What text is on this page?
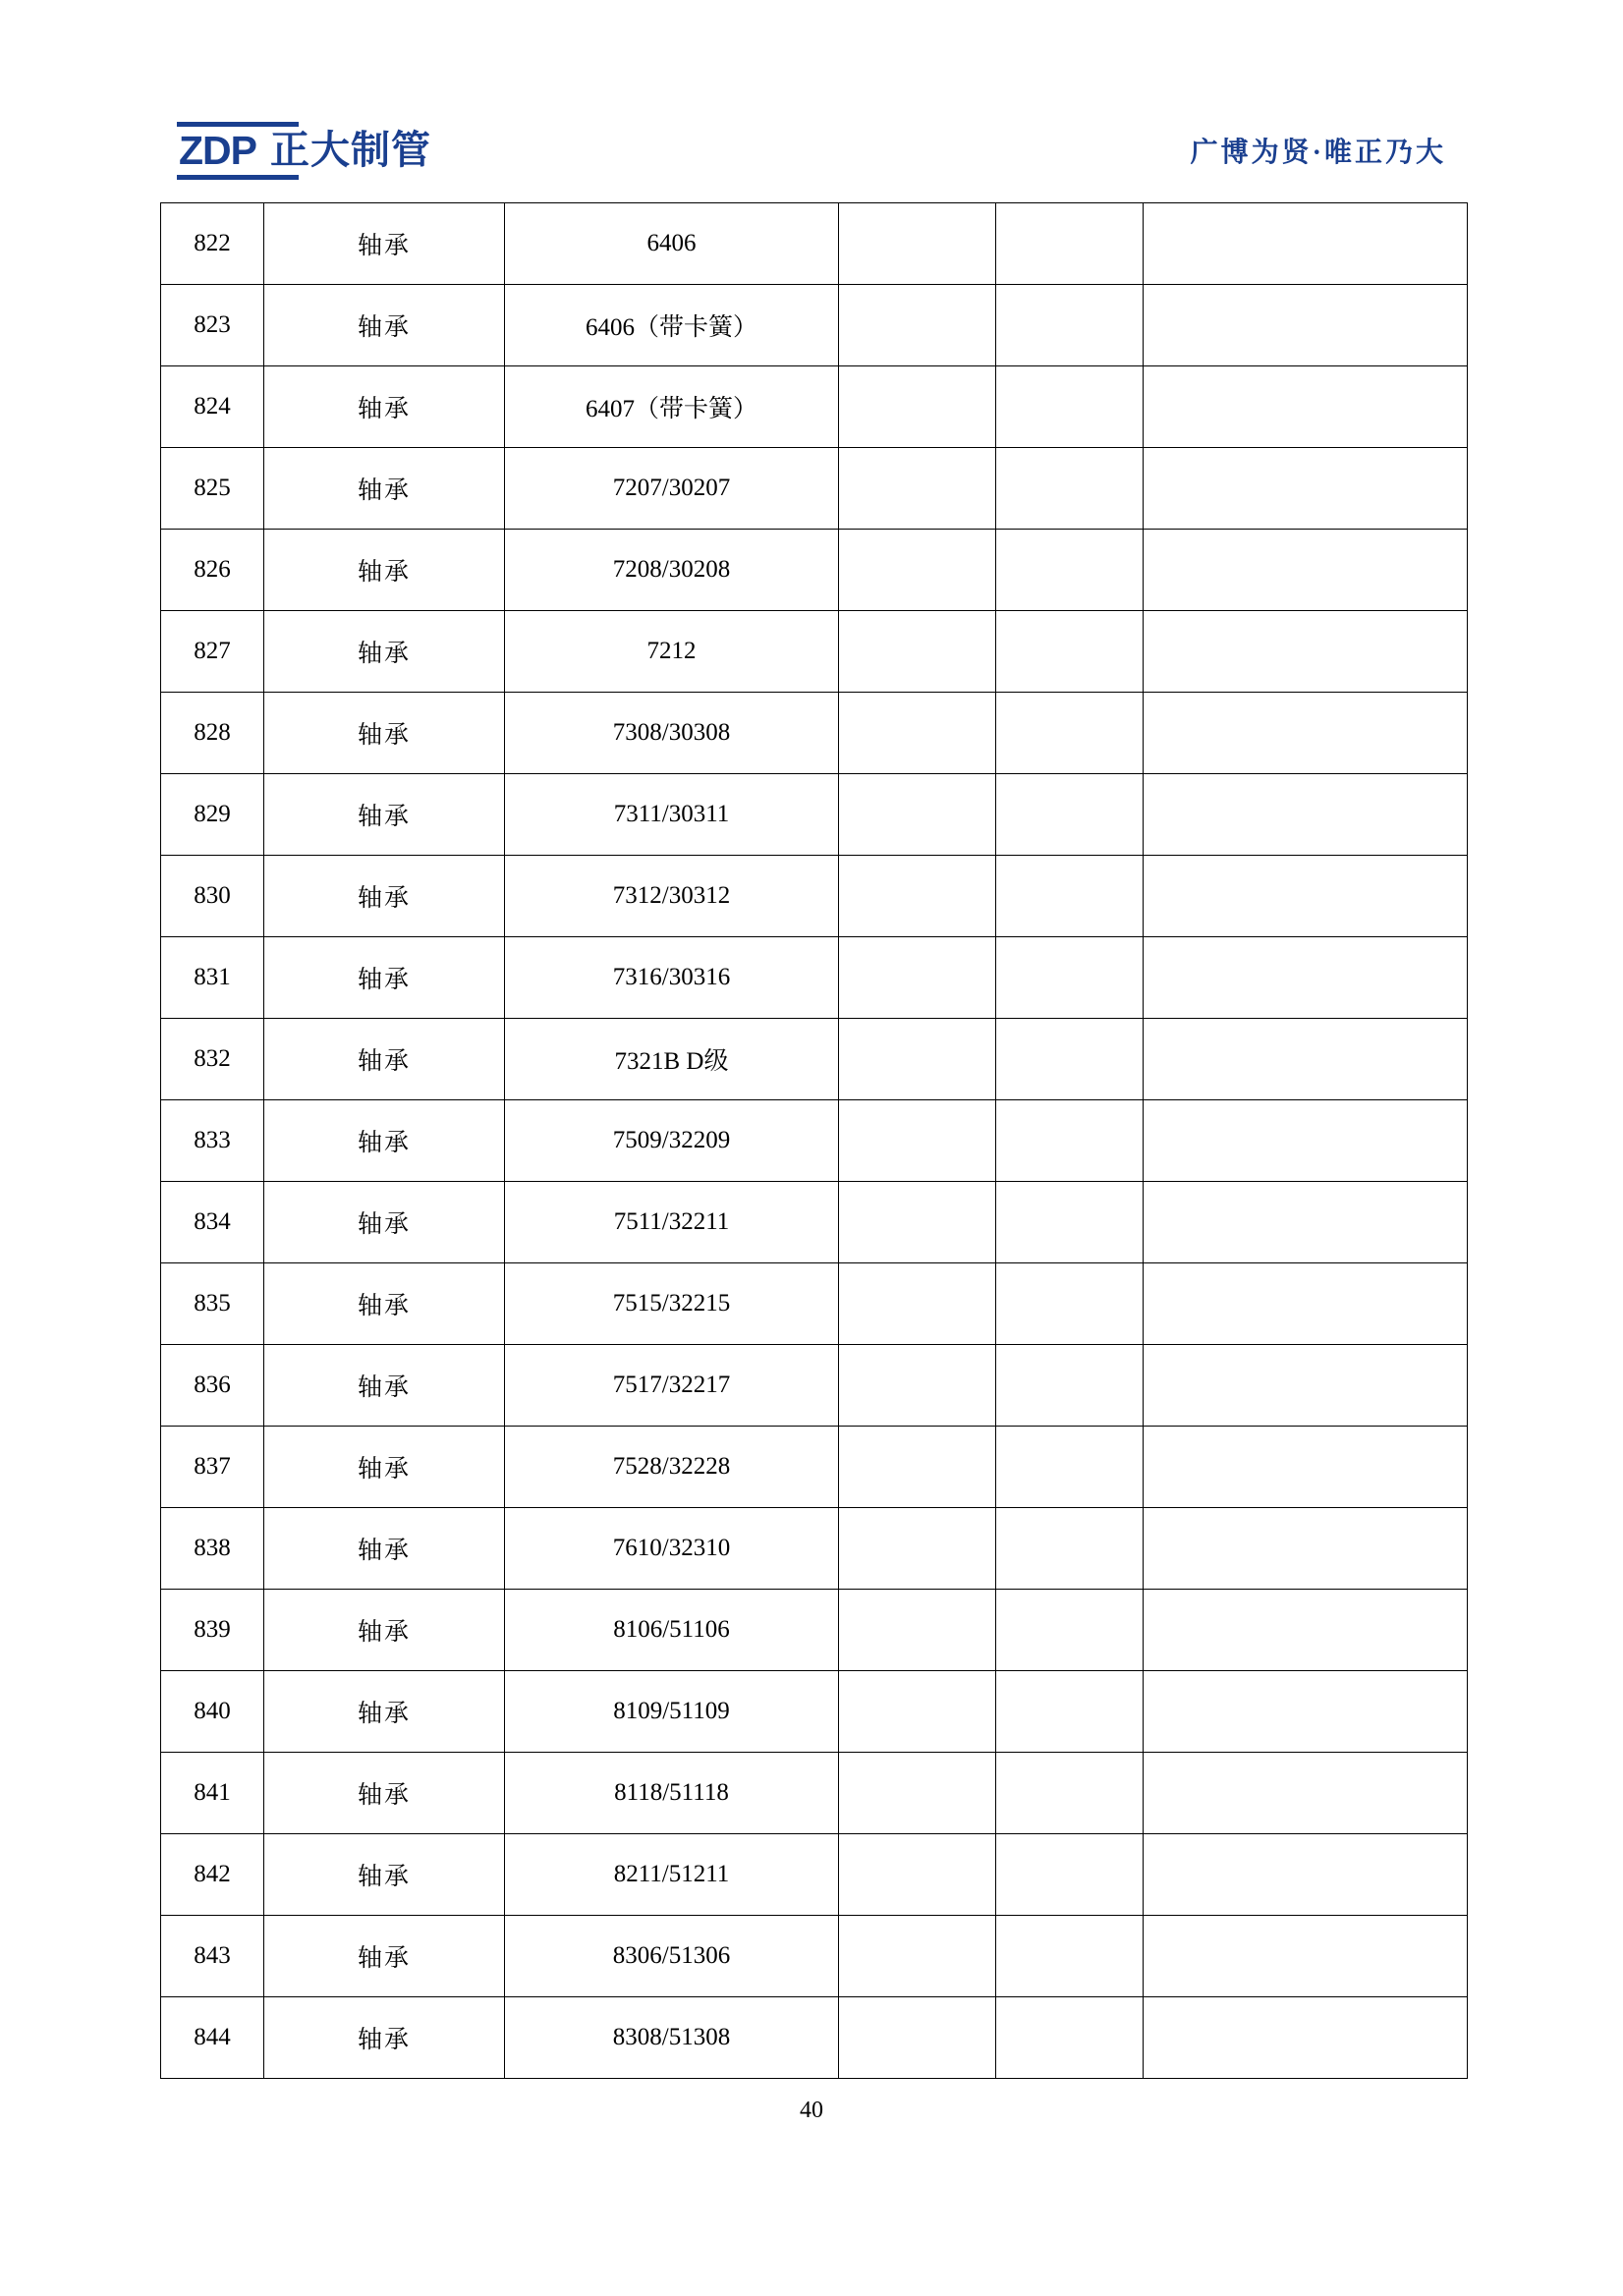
ZDP 正大制管	广博为贤·唯正乃大
822	轴承	6406			
823	轴承	6406（带卡簧）			
824	轴承	6407（带卡簧）			
825	轴承	7207/30207			
826	轴承	7208/30208			
827	轴承	7212			
828	轴承	7308/30308			
829	轴承	7311/30311			
830	轴承	7312/30312			
831	轴承	7316/30316			
832	轴承	7321B D级			
833	轴承	7509/32209			
834	轴承	7511/32211			
835	轴承	7515/32215			
836	轴承	7517/32217			
837	轴承	7528/32228			
838	轴承	7610/32310			
839	轴承	8106/51106			
840	轴承	8109/51109			
841	轴承	8118/51118			
842	轴承	8211/51211			
843	轴承	8306/51306			
844	轴承	8308/51308			
40
